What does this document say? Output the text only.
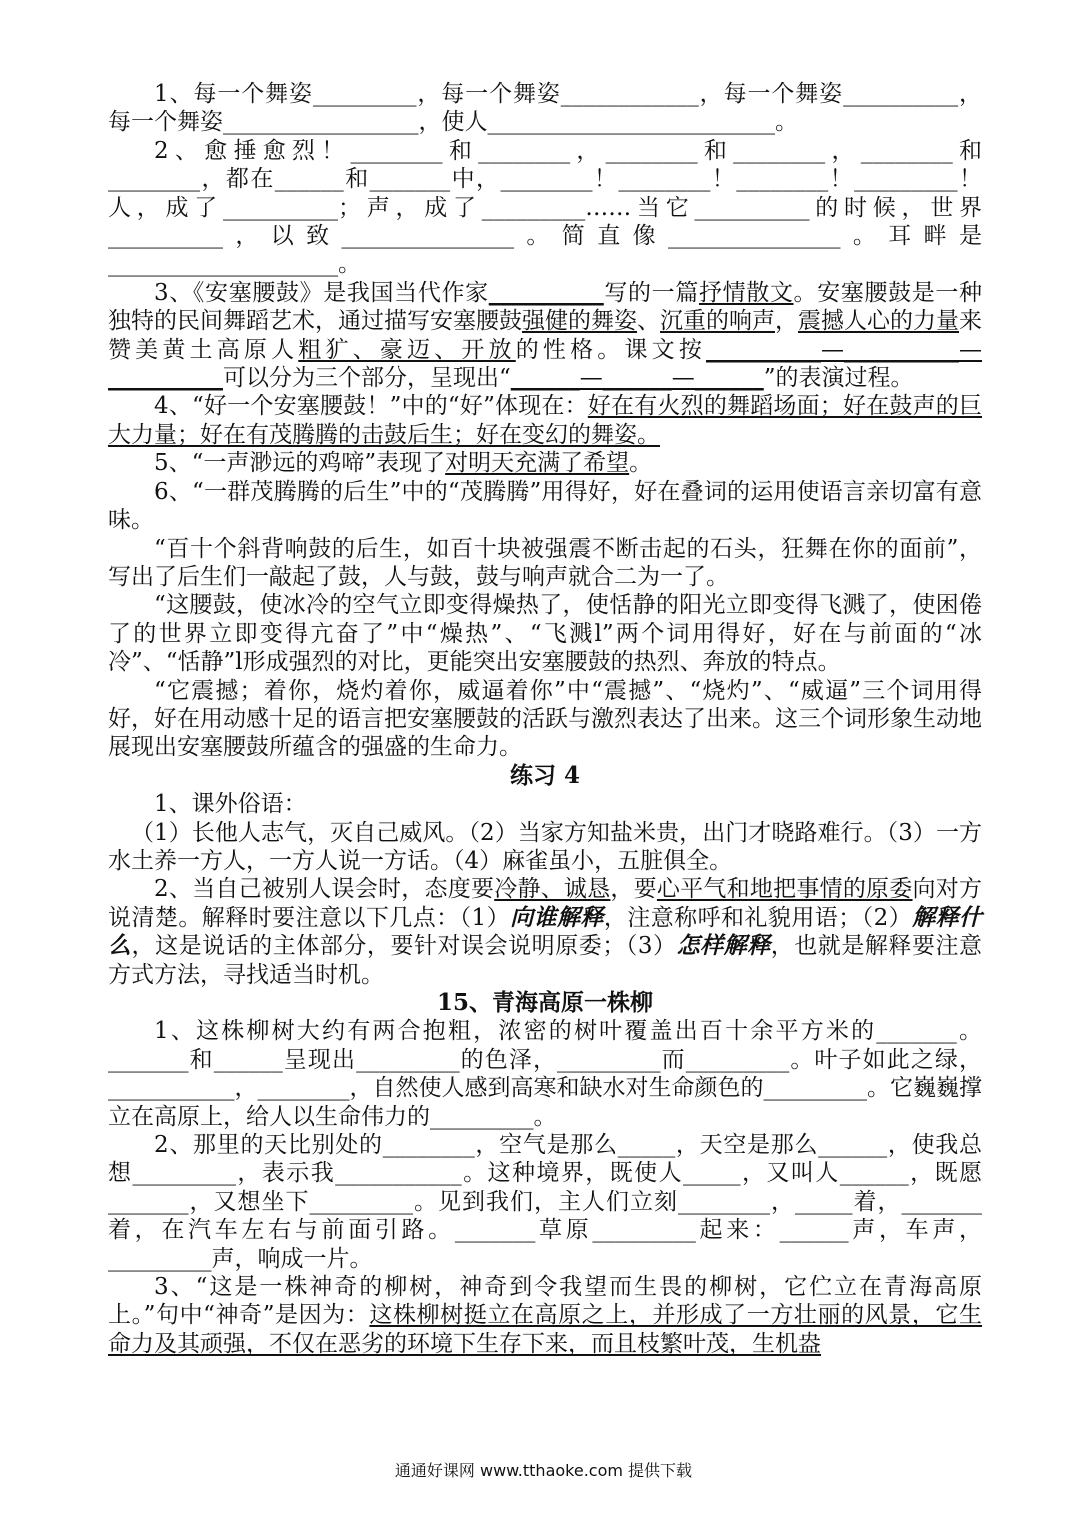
1、每一个舞姿_________，每一个舞姿____________，每一个舞姿__________，每一个舞姿_________________，使人_________________________。

2、愈捶愈烈！________和________，________和________，________和________，都在______和_______中，________！________！________！_________！人，成了__________；声，成了_________……当它__________的时候，世界__________，以致_______________。简直像_______________。耳畔是____________________。

3、《安塞腰鼓》是我国当代作家__________写的一篇抒情散文。安塞腰鼓是一种独特的民间舞蹈艺术，通过描写安塞腰鼓强健的舞姿、沉重的响声，震撼人心的力量来赞美黄土高原人粗犷、豪迈、开放的性格。课文按__________—__________—__________可以分为三个部分，呈现出“______—______—______”的表演过程。

4、“好一个安塞腰鼓！”中的“好”体现在：好在有火烈的舞蹈场面；好在鼓声的巨大力量；好在有茂腾腾的击鼓后生；好在变幻的舞姿。

5、“一声渺远的鸡啼”表现了对明天充满了希望。

6、“一群茂腾腾的后生”中的“茂腾腾”用得好，好在叠词的运用使语言亲切富有意味。

“百十个斜背响鼓的后生，如百十块被强震不断击起的石头，狂舞在你的面前”，写出了后生们一敲起了鼓，人与鼓，鼓与响声就合二为一了。

“这腰鼓，使冰冷的空气立即变得燥热了，使恬静的阳光立即变得飞溅了，使困倦了的世界立即变得亢奋了”中“燥热”、“飞溅l”两个词用得好，好在与前面的“冰冷”、“恬静”l形成强烈的对比，更能突出安塞腰鼓的热烈、奔放的特点。

“它震撼；着你，烧灼着你，威逼着你”中“震撼”、“烧灼”、“威逼”三个词用得好，好在用动感十足的语言把安塞腰鼓的活跃与激烈表达了出来。这三个词形象生动地展现出安塞腰鼓所蕴含的强盛的生命力。

练习 4

1、课外俗语：

（1）长他人志气，灭自己威风。（2）当家方知盐米贵，出门才晓路难行。（3）一方水土养一方人，一方人说一方话。（4）麻雀虽小，五脏俱全。

2、当自己被别人误会时，态度要冷静、诚恳，要心平气和地把事情的原委向对方说清楚。解释时要注意以下几点：（1）向谁解释，注意称呼和礼貌用语；（2）解释什么，这是说话的主体部分，要针对误会说明原委；（3）怎样解释，也就是解释要注意方式方法，寻找适当时机。

15、青海高原一株柳

1、这株柳树大约有两合抱粗，浓密的树叶覆盖出百十余平方米的_______。_______和______呈现出_________的色泽，_________而_________。叶子如此之绿，___________，________，自然使人感到高寒和缺水对生命颜色的_________。它巍巍撑立在高原上，给人以生命伟力的_________。

2、那里的天比别处的________，空气是那么_____，天空是那么______，使我总想_________，表示我___________。这种境界，既使人_____，又叫人______，既愿_______，又想坐下_________。见到我们，主人们立刻________，_____着，_______着，在汽车左右与前面引路。_______草原_________起来：______声，车声，_________声，响成一片。

3、“这是一株神奇的柳树，神奇到令我望而生畏的柳树，它伫立在青海高原上。”句中“神奇”是因为：这株柳树挺立在高原之上，并形成了一方壮丽的风景，它生命力及其顽强，不仅在恶劣的环境下生存下来，而且枝繁叶茂，生机盎

通通好课网 www.tthaoke.com 提供下载
